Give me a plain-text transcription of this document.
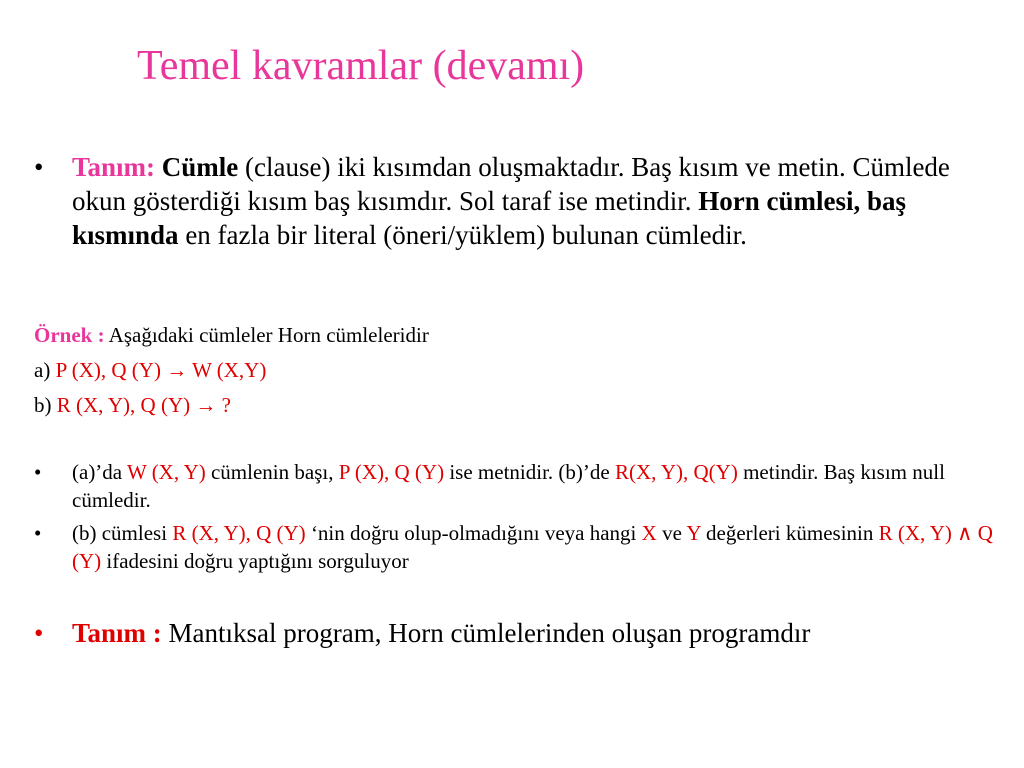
Temel kavramlar (devamı)
•	Tanım: Cümle (clause) iki kısımdan oluşmaktadır. Baş kısım ve metin. Cümlede okun gösterdiği kısım baş kısımdır. Sol taraf ise metindir. Horn cümlesi, baş kısmında en fazla bir literal (öneri/yüklem) bulunan cümledir.
Örnek : Aşağıdaki cümleler Horn cümleleridir
a) P (X), Q (Y) → W (X,Y)
b) R (X, Y), Q (Y) → ?
•	(a)’da W (X, Y) cümlenin başı, P (X), Q (Y) ise metnidir. (b)’de R(X, Y), Q(Y) metindir. Baş kısım null cümledir.
•	(b) cümlesi R (X, Y), Q (Y) ‘nin doğru olup-olmadığını veya hangi X ve Y değerleri kümesinin R (X, Y) ∧ Q (Y) ifadesini doğru yaptığını sorguluyor
•	Tanım : Mantıksal program, Horn cümlelerinden oluşan programdır
